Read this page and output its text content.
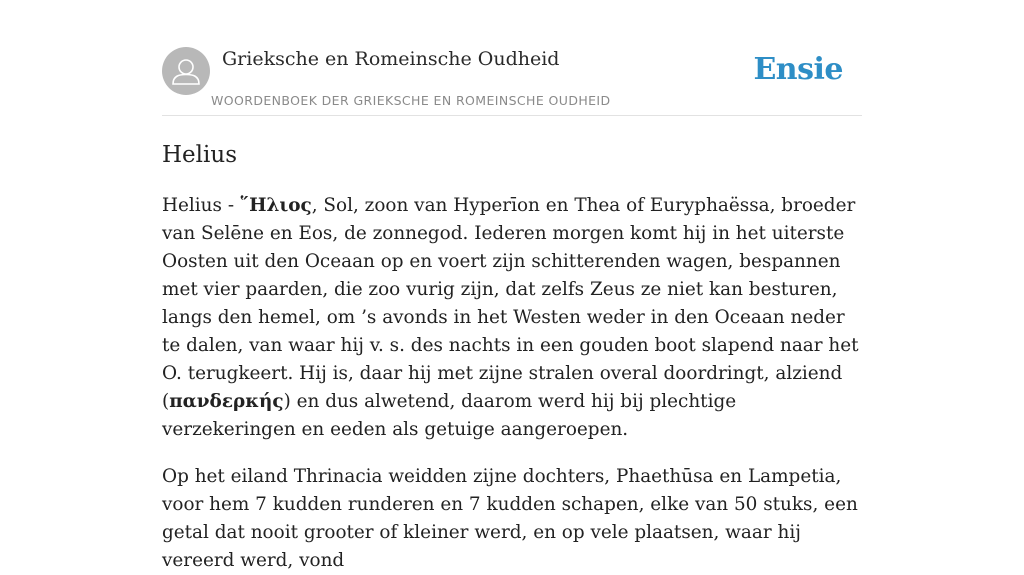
Grieksche en Romeinsche Oudheid
WOORDENBOEK DER GRIEKSCHE EN ROMEINSCHE OUDHEID
Ensie
Helius

Helius - ῞Ηλιος, Sol, zoon van Hyperīon en Thea of Euryphaëssa, broeder van Selēne en Eos, de zonnegod. Iederen morgen komt hij in het uiterste Oosten uit den Oceaan op en voert zijn schitterenden wagen, bespannen met vier paarden, die zoo vurig zijn, dat zelfs Zeus ze niet kan besturen, langs den hemel, om ’s avonds in het Westen weder in den Oceaan neder te dalen, van waar hij v. s. des nachts in een gouden boot slapend naar het O. terugkeert. Hij is, daar hij met zijne stralen overal doordringt, alziend (πανδερκής) en dus alwetend, daarom werd hij bij plechtige verzekeringen en eeden als getuige aangeroepen.

Op het eiland Thrinacia weidden zijne dochters, Phaethūsa en Lampetia, voor hem 7 kudden runderen en 7 kudden schapen, elke van 50 stuks, een getal dat nooit grooter of kleiner werd, en op vele plaatsen, waar hij vereerd werd, vond
